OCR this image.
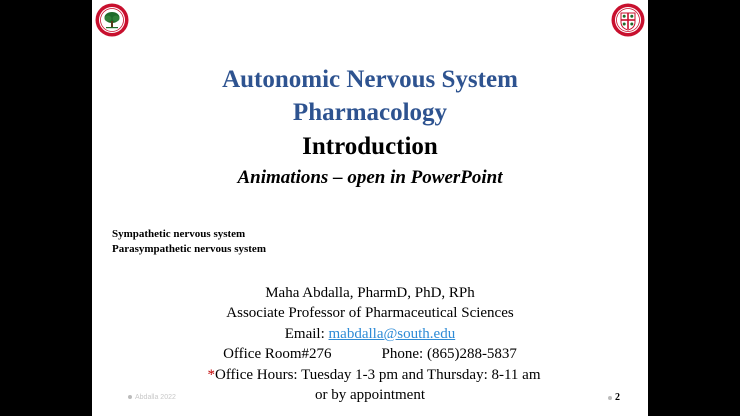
Autonomic Nervous System
Pharmacology
Introduction
Animations – open in PowerPoint
Sympathetic nervous system
Parasympathetic nervous system
Maha Abdalla, PharmD, PhD, RPh
Associate Professor of Pharmaceutical Sciences
Email: mabdalla@south.edu
Office Room#276	Phone: (865)288-5837
*Office Hours: Tuesday 1-3 pm and Thursday: 8-11 am
or by appointment
Abdalla 2022	2
